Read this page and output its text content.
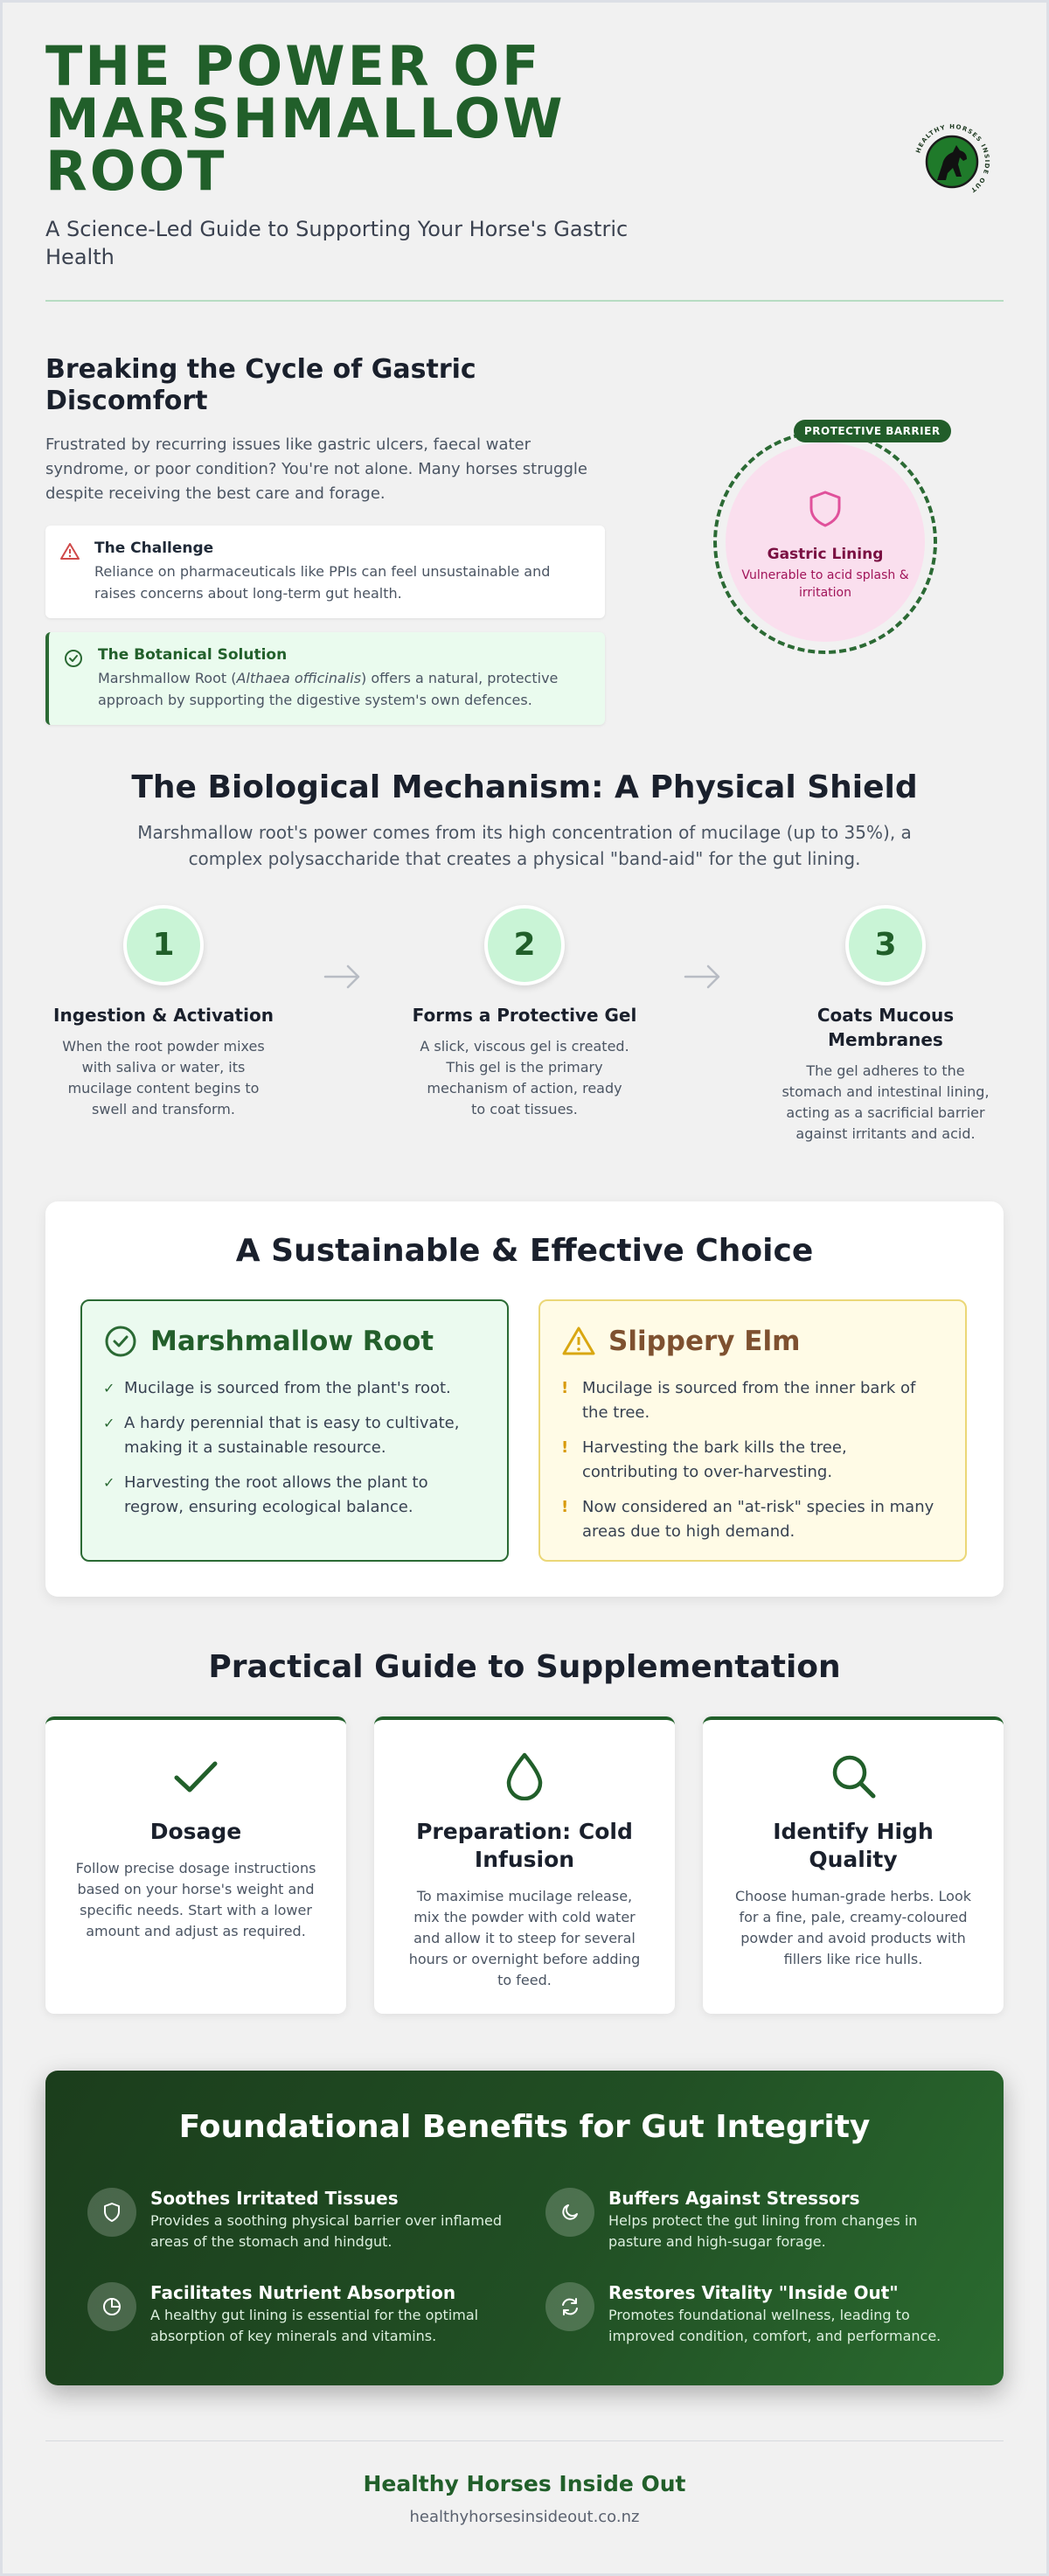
THE POWER OF
MARSHMALLOW
ROOT
A Science-Led Guide to Supporting Your Horse's Gastric Health
HEALTHY HORSES INSIDE OUT
Breaking the Cycle of Gastric Discomfort

Frustrated by recurring issues like gastric ulcers, faecal water syndrome, or poor condition? You're not alone. Many horses struggle despite receiving the best care and forage.

The Challenge

Reliance on pharmaceuticals like PPIs can feel unsustainable and raises concerns about long-term gut health.

The Botanical Solution

Marshmallow Root (Althaea officinalis) offers a natural, protective approach by supporting the digestive system's own defences.

Gastric Lining
Vulnerable to acid splash & irritation
PROTECTIVE BARRIER
The Biological Mechanism: A Physical Shield

Marshmallow root's power comes from its high concentration of mucilage (up to 35%), a complex polysaccharide that creates a physical "band-aid" for the gut lining.

1
Ingestion & Activation

When the root powder mixes with saliva or water, its mucilage content begins to swell and transform.

2
Forms a Protective Gel

A slick, viscous gel is created. This gel is the primary mechanism of action, ready to coat tissues.

3
Coats Mucous Membranes

The gel adheres to the stomach and intestinal lining, acting as a sacrificial barrier against irritants and acid.

A Sustainable & Effective Choice
Marshmallow Root
✓ Mucilage is sourced from the plant's root.
✓ A hardy perennial that is easy to cultivate, making it a sustainable resource.
✓ Harvesting the root allows the plant to regrow, ensuring ecological balance.
Slippery Elm
! Mucilage is sourced from the inner bark of the tree.
! Harvesting the bark kills the tree, contributing to over-harvesting.
! Now considered an "at-risk" species in many areas due to high demand.
Practical Guide to Supplementation
Dosage

Follow precise dosage instructions based on your horse's weight and specific needs. Start with a lower amount and adjust as required.

Preparation: Cold Infusion

To maximise mucilage release, mix the powder with cold water and allow it to steep for several hours or overnight before adding to feed.

Identify High Quality

Choose human-grade herbs. Look for a fine, pale, creamy-coloured powder and avoid products with fillers like rice hulls.

Foundational Benefits for Gut Integrity
Soothes Irritated Tissues

Provides a soothing physical barrier over inflamed areas of the stomach and hindgut.

Buffers Against Stressors

Helps protect the gut lining from changes in pasture and high-sugar forage.

Facilitates Nutrient Absorption

A healthy gut lining is essential for the optimal absorption of key minerals and vitamins.

Restores Vitality "Inside Out"

Promotes foundational wellness, leading to improved condition, comfort, and performance.

Healthy Horses Inside Out
healthyhorsesinsideout.co.nz
